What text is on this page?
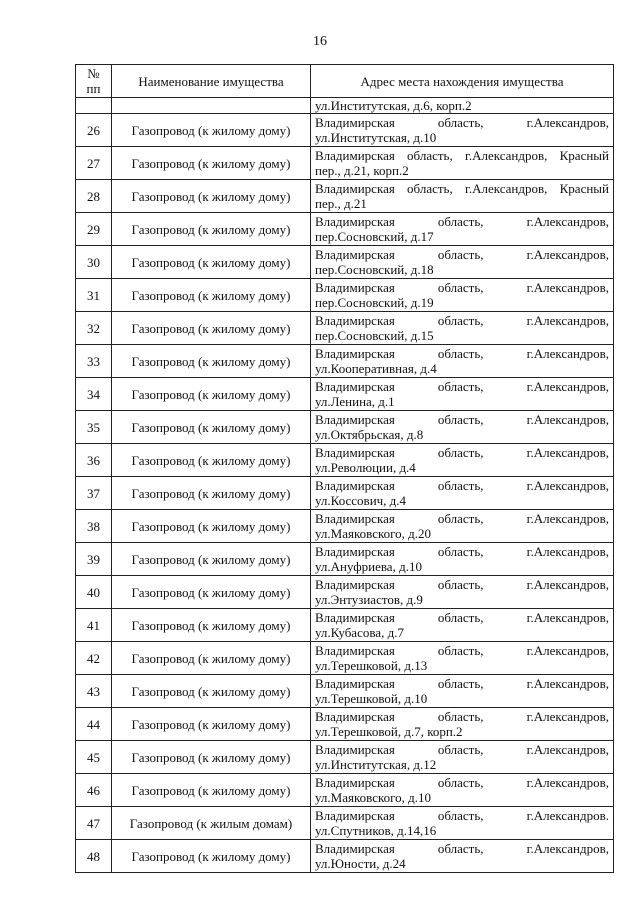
16
№ пп	Наименование имущества	Адрес места нахождения имущества
		ул.Институтская, д.6, корп.2
26	Газопровод (к жилому дому)	Владимирская область, г.Александров,
ул.Институтская, д.10

27	Газопровод (к жилому дому)	Владимирская область, г.Александров, Красный
пер., д.21, корп.2

28	Газопровод (к жилому дому)	Владимирская область, г.Александров, Красный
пер., д.21

29	Газопровод (к жилому дому)	Владимирская область, г.Александров,
пер.Сосновский, д.17

30	Газопровод (к жилому дому)	Владимирская область, г.Александров,
пер.Сосновский, д.18

31	Газопровод (к жилому дому)	Владимирская область, г.Александров,
пер.Сосновский, д.19

32	Газопровод (к жилому дому)	Владимирская область, г.Александров,
пер.Сосновский, д.15

33	Газопровод (к жилому дому)	Владимирская область, г.Александров,
ул.Кооперативная, д.4

34	Газопровод (к жилому дому)	Владимирская область, г.Александров,
ул.Ленина, д.1

35	Газопровод (к жилому дому)	Владимирская область, г.Александров,
ул.Октябрьская, д.8

36	Газопровод (к жилому дому)	Владимирская область, г.Александров,
ул.Революции, д.4

37	Газопровод (к жилому дому)	Владимирская область, г.Александров,
ул.Коссович, д.4

38	Газопровод (к жилому дому)	Владимирская область, г.Александров,
ул.Маяковского, д.20

39	Газопровод (к жилому дому)	Владимирская область, г.Александров,
ул.Ануфриева, д.10

40	Газопровод (к жилому дому)	Владимирская область, г.Александров,
ул.Энтузиастов, д.9

41	Газопровод (к жилому дому)	Владимирская область, г.Александров,
ул.Кубасова, д.7

42	Газопровод (к жилому дому)	Владимирская область, г.Александров,
ул.Терешковой, д.13

43	Газопровод (к жилому дому)	Владимирская область, г.Александров,
ул.Терешковой, д.10

44	Газопровод (к жилому дому)	Владимирская область, г.Александров,
ул.Терешковой, д.7, корп.2

45	Газопровод (к жилому дому)	Владимирская область, г.Александров,
ул.Институтская, д.12

46	Газопровод (к жилому дому)	Владимирская область, г.Александров,
ул.Маяковского, д.10

47	Газопровод (к жилым домам)	Владимирская область, г.Александров.
ул.Спутников, д.14,16

48	Газопровод (к жилому дому)	Владимирская область, г.Александров,
ул.Юности, д.24
